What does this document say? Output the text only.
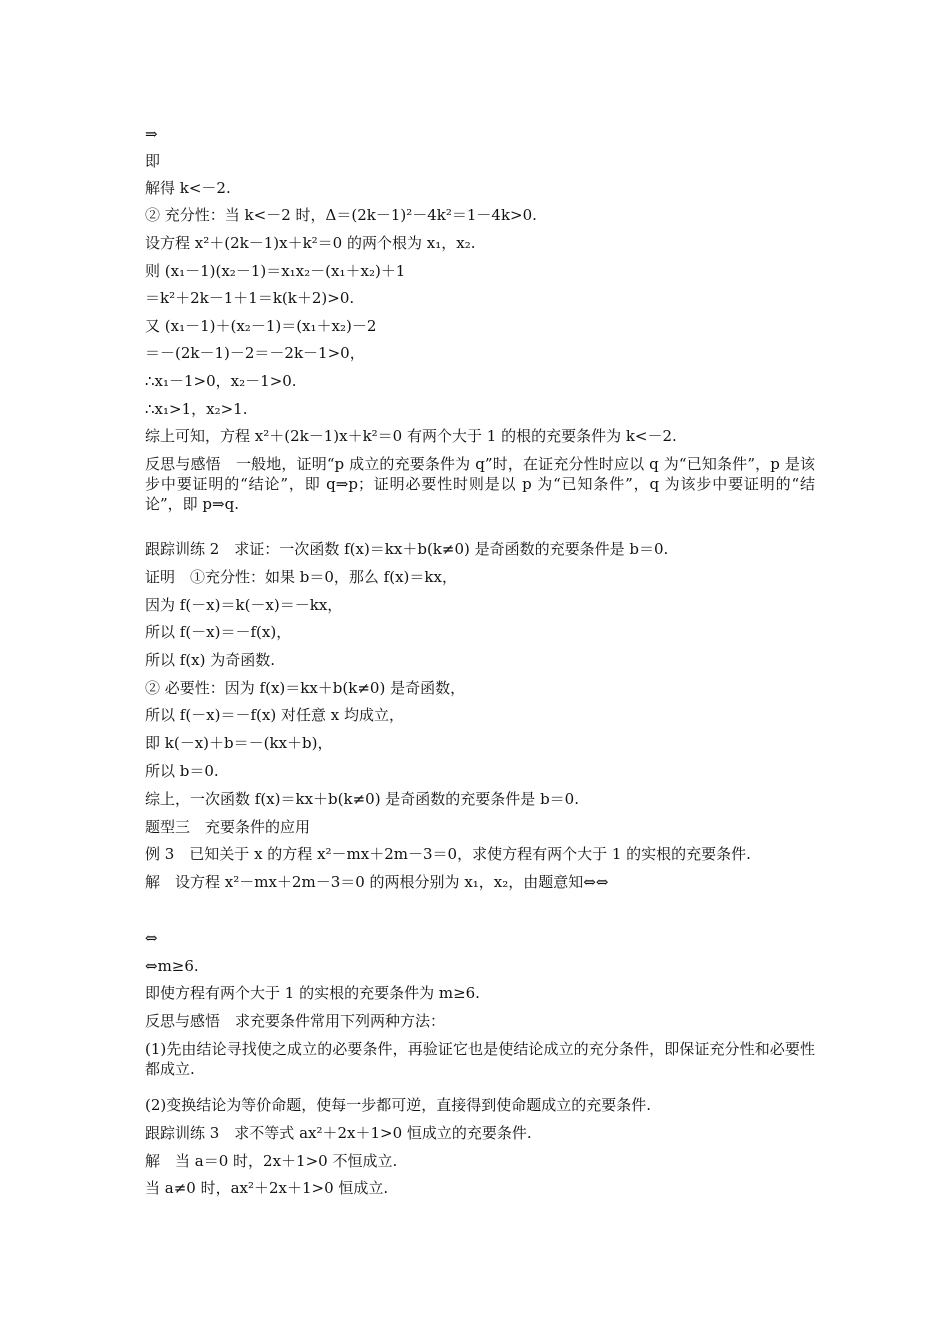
⇒
即
解得 k<－2.
② 充分性：当 k<－2 时，Δ＝(2k－1)²－4k²＝1－4k>0.
设方程 x²＋(2k－1)x＋k²＝0 的两个根为 x₁，x₂.
则 (x₁－1)(x₂－1)＝x₁x₂－(x₁＋x₂)＋1
＝k²＋2k－1＋1＝k(k＋2)>0.
又 (x₁－1)＋(x₂－1)＝(x₁＋x₂)－2
＝－(2k－1)－2＝－2k－1>0，
∴x₁－1>0，x₂－1>0.
∴x₁>1，x₂>1.
综上可知，方程 x²＋(2k－1)x＋k²＝0 有两个大于 1 的根的充要条件为 k<－2.
反思与感悟　一般地，证明“p 成立的充要条件为 q”时，在证充分性时应以 q 为“已知条件”，p 是该步中要证明的“结论”，即 q⇒p；证明必要性时则是以 p 为“已知条件”，q 为该步中要证明的“结论”，即 p⇒q.
跟踪训练 2　求证：一次函数 f(x)＝kx＋b(k≠0) 是奇函数的充要条件是 b＝0.
证明　①充分性：如果 b＝0，那么 f(x)＝kx，
因为 f(－x)＝k(－x)＝－kx，
所以 f(－x)＝－f(x)，
所以 f(x) 为奇函数.
② 必要性：因为 f(x)＝kx＋b(k≠0) 是奇函数，
所以 f(－x)＝－f(x) 对任意 x 均成立，
即 k(－x)＋b＝－(kx＋b)，
所以 b＝0.
综上，一次函数 f(x)＝kx＋b(k≠0) 是奇函数的充要条件是 b＝0.
题型三　充要条件的应用
例 3　已知关于 x 的方程 x²－mx＋2m－3＝0，求使方程有两个大于 1 的实根的充要条件.
解　设方程 x²－mx＋2m－3＝0 的两根分别为 x₁，x₂，由题意知⇔⇔
⇔
⇔m≥6.
即使方程有两个大于 1 的实根的充要条件为 m≥6.
反思与感悟　求充要条件常用下列两种方法：
(1)先由结论寻找使之成立的必要条件，再验证它也是使结论成立的充分条件，即保证充分性和必要性都成立.
(2)变换结论为等价命题，使每一步都可逆，直接得到使命题成立的充要条件.
跟踪训练 3　求不等式 ax²＋2x＋1>0 恒成立的充要条件.
解　当 a＝0 时，2x＋1>0 不恒成立.
当 a≠0 时，ax²＋2x＋1>0 恒成立.
